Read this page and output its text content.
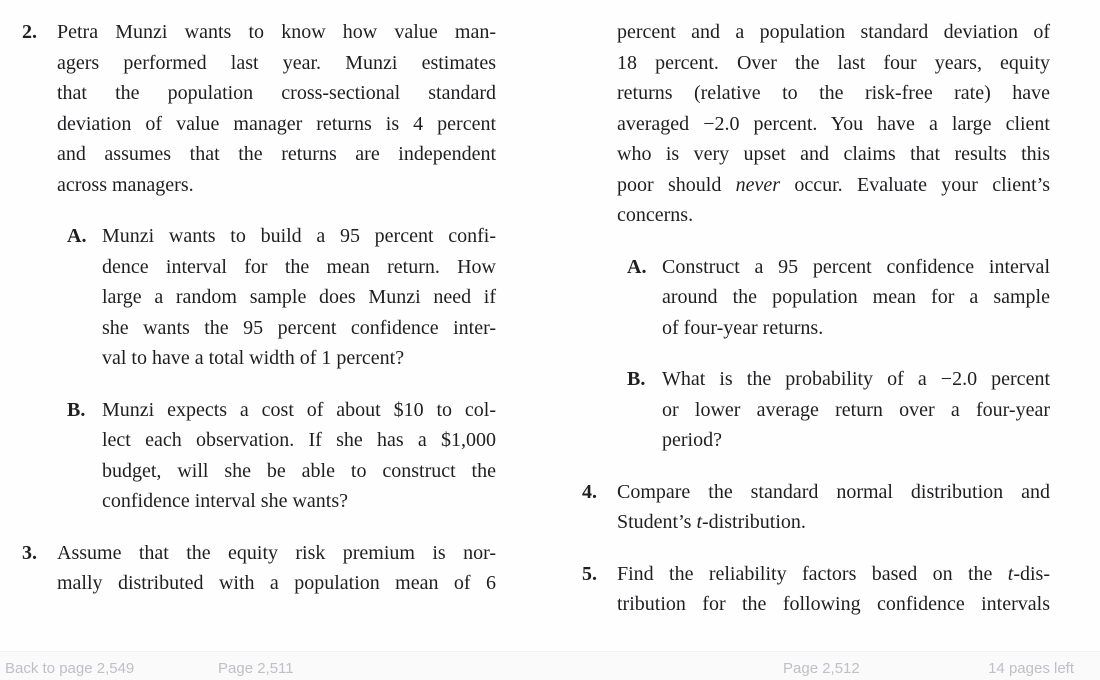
2.	Petra Munzi wants to know how value man-
agers performed last year. Munzi estimates
that the population cross-sectional standard
deviation of value manager returns is 4 percent
and assumes that the returns are independent
across managers.
A. Munzi wants to build a 95 percent confi-
dence interval for the mean return. How
large a random sample does Munzi need if
she wants the 95 percent confidence inter-
val to have a total width of 1 percent?
B. Munzi expects a cost of about $10 to col-
lect each observation. If she has a $1,000
budget, will she be able to construct the
confidence interval she wants?
3.	Assume that the equity risk premium is nor-
mally distributed with a population mean of 6
percent and a population standard deviation of
18 percent. Over the last four years, equity
returns (relative to the risk-free rate) have
averaged −2.0 percent. You have a large client
who is very upset and claims that results this
poor should never occur. Evaluate your client’s
concerns.
A. Construct a 95 percent confidence interval
around the population mean for a sample
of four-year returns.
B. What is the probability of a −2.0 percent
or lower average return over a four-year
period?
4.	Compare the standard normal distribution and
Student’s t-distribution.
5.	Find the reliability factors based on the t-dis-
tribution for the following confidence intervals
Back to page 2,549	Page 2,511	Page 2,512	14 pages left
